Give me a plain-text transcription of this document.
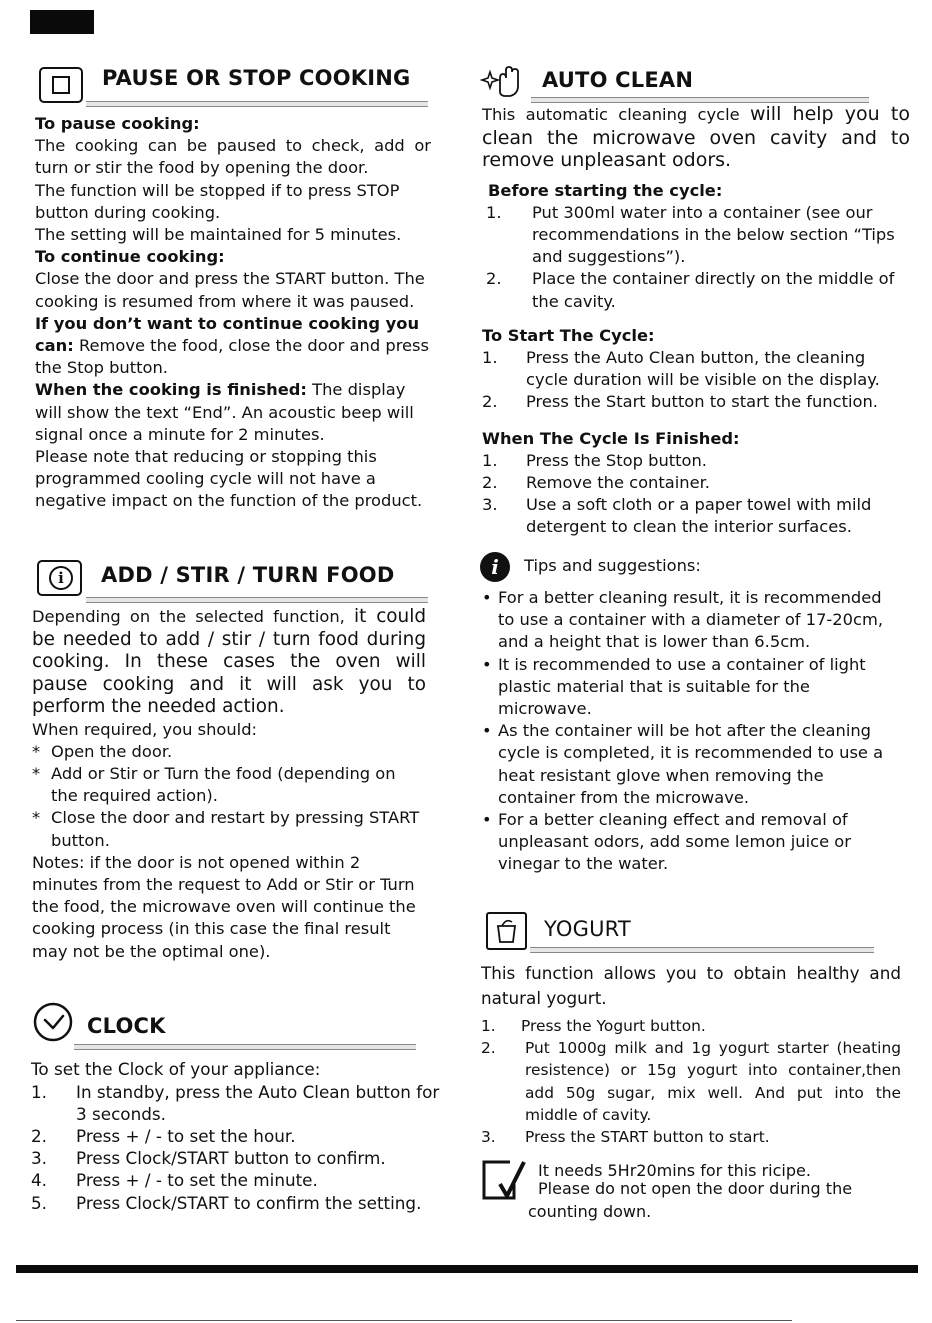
PAUSE OR STOP COOKING

To pause cooking:

The cooking can be paused to check, add or turn or stir the food by opening the door.

The function will be stopped if to press STOP button during cooking.

The setting will be maintained for 5 minutes.

To continue cooking:

Close the door and press the START button. The cooking is resumed from where it was paused.

If you don’t want to continue cooking you can: Remove the food, close the door and press the Stop button.

When the cooking is finished: The display will show the text “End”. An acoustic beep will signal once a minute for 2 minutes.

Please note that reducing or stopping this programmed cooling cycle will not have a negative impact on the function of the product.

i	ADD / STIR / TURN FOOD

Depending on the selected function, it could be needed to add / stir / turn food during cooking. In these cases the oven will pause cooking and it will ask you to perform the needed action.

When required, you should:

* Open the door.
* Add or Stir or Turn the food (depending on the required action).
* Close the door and restart by pressing START button.

Notes: if the door is not opened within 2 minutes from the request to Add or Stir or Turn the food, the microwave oven will continue the cooking process (in this case the final result may not be the optimal one).

CLOCK

To set the Clock of your appliance:

1.	In standby, press the Auto Clean button for 3 seconds.
2.	Press + / - to set the hour.
3.	Press Clock/START button to confirm.
4.	Press + / - to set the minute.
5.	Press Clock/START to confirm the setting.
AUTO CLEAN

This automatic cleaning cycle will help you to clean the microwave oven cavity and to remove unpleasant odors.

Before starting the cycle:

1.	Put 300ml water into a container (see our recommendations in the below section “Tips and suggestions”).
2.	Place the container directly on the middle of the cavity.

To Start The Cycle:

1.	Press the Auto Clean button, the cleaning cycle duration will be visible on the display.
2.	Press the Start button to start the function.

When The Cycle Is Finished:

1.	Press the Stop button.
2.	Remove the container.
3.	Use a soft cloth or a paper towel with mild detergent to clean the interior surfaces.
i	Tips and suggestions:
• For a better cleaning result, it is recommended to use a container with a diameter of 17-20cm, and a height that is lower than 6.5cm.
• It is recommended to use a container of light plastic material that is suitable for the microwave.
• As the container will be hot after the cleaning cycle is completed, it is recommended to use a heat resistant glove when removing the container from the microwave.
• For a better cleaning effect and removal of unpleasant odors, add some lemon juice or vinegar to the water.
YOGURT

This function allows you to obtain healthy and natural yogurt.

1.	Press the Yogurt button.
2.	Put 1000g milk and 1g yogurt starter (heating resistence) or 15g yogurt into container,then add 50g sugar, mix well. And put into the middle of cavity.
3.	Press the START button to start.
It needs 5Hr20mins for this ricipe.
Please do not open the door during the
counting down.
